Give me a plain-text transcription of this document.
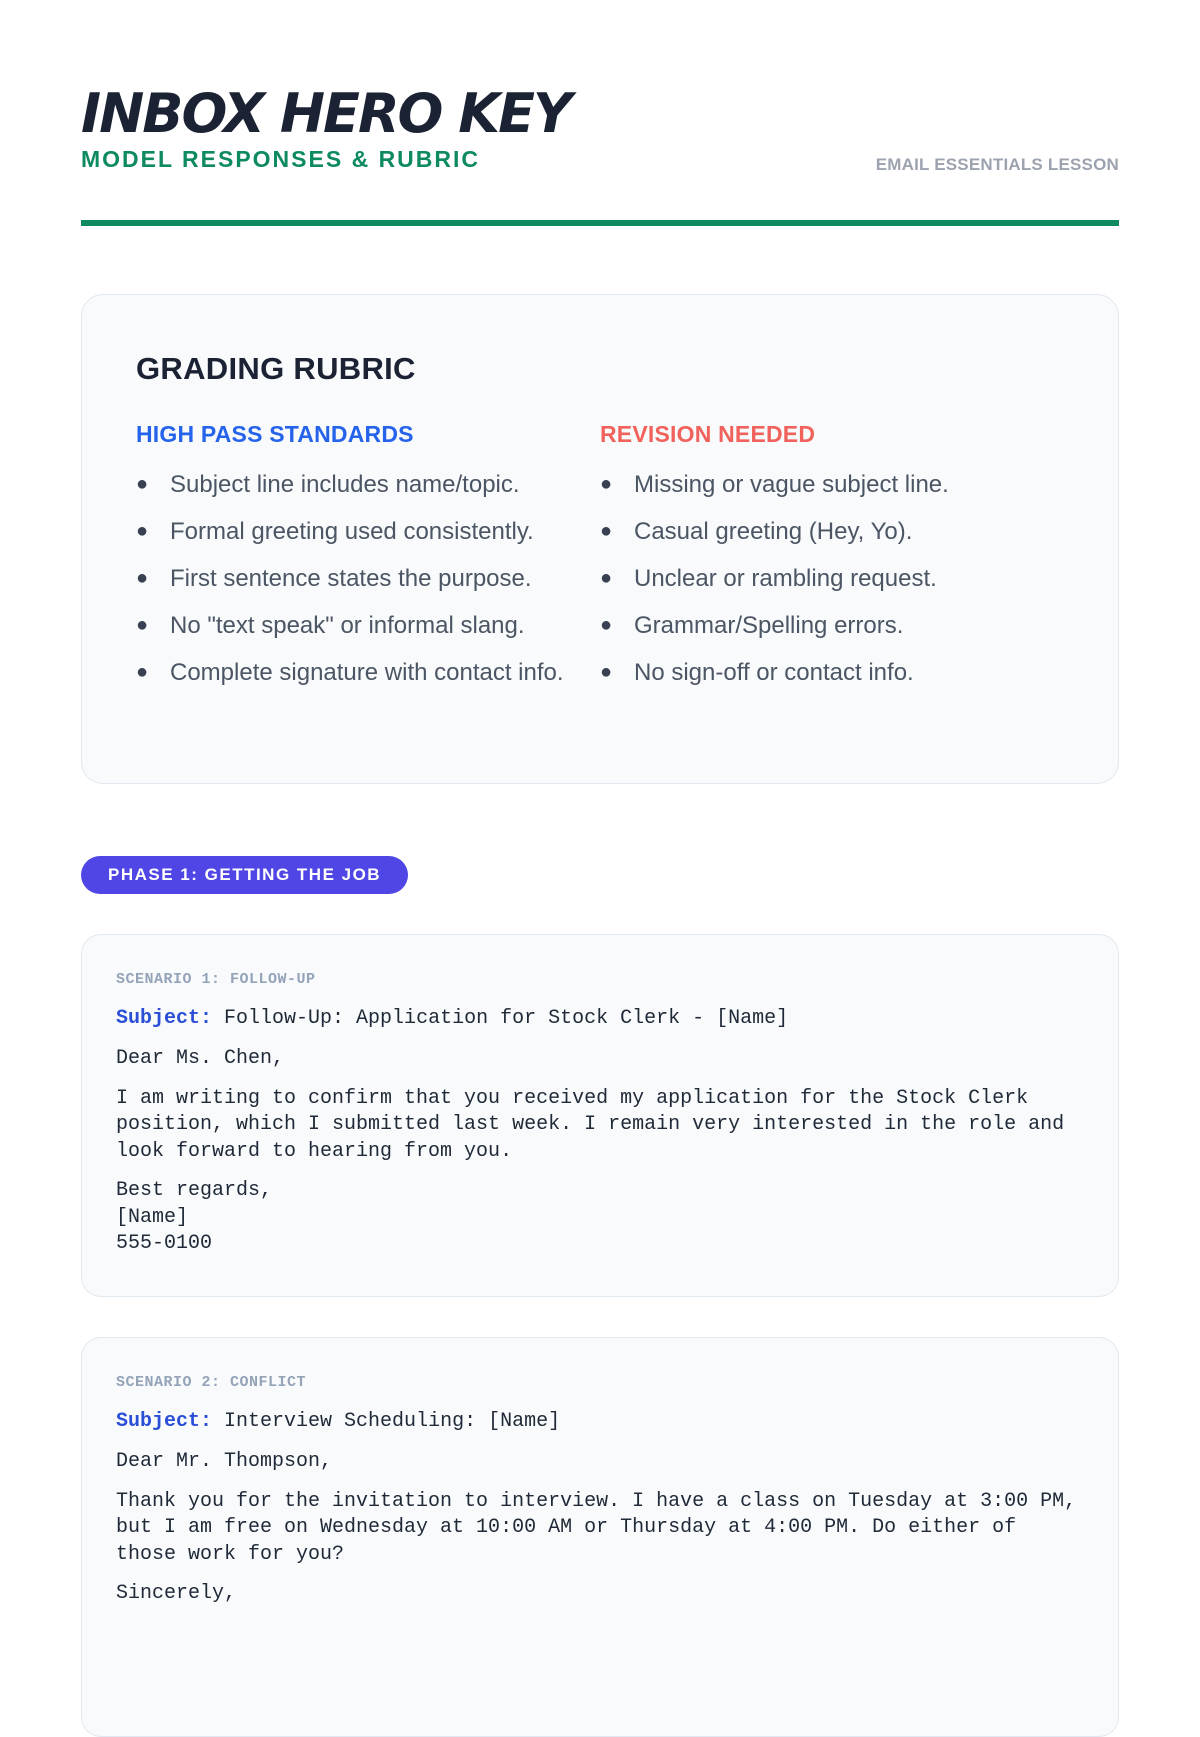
INBOX HERO KEY
MODEL RESPONSES & RUBRIC	EMAIL ESSENTIALS LESSON
GRADING RUBRIC
HIGH PASS STANDARDS
● Subject line includes name/topic.
● Formal greeting used consistently.
● First sentence states the purpose.
● No "text speak" or informal slang.
● Complete signature with contact info.
REVISION NEEDED
● Missing or vague subject line.
● Casual greeting (Hey, Yo).
● Unclear or rambling request.
● Grammar/Spelling errors.
● No sign-off or contact info.
PHASE 1: GETTING THE JOB
SCENARIO 1: FOLLOW-UP
Subject: Follow-Up: Application for Stock Clerk - [Name]

Dear Ms. Chen,

I am writing to confirm that you received my application for the Stock Clerk
position, which I submitted last week. I remain very interested in the role and
look forward to hearing from you.

Best regards,
[Name]
555-0100

SCENARIO 2: CONFLICT
Subject: Interview Scheduling: [Name]

Dear Mr. Thompson,

Thank you for the invitation to interview. I have a class on Tuesday at 3:00 PM,
but I am free on Wednesday at 10:00 AM or Thursday at 4:00 PM. Do either of
those work for you?

Sincerely,
